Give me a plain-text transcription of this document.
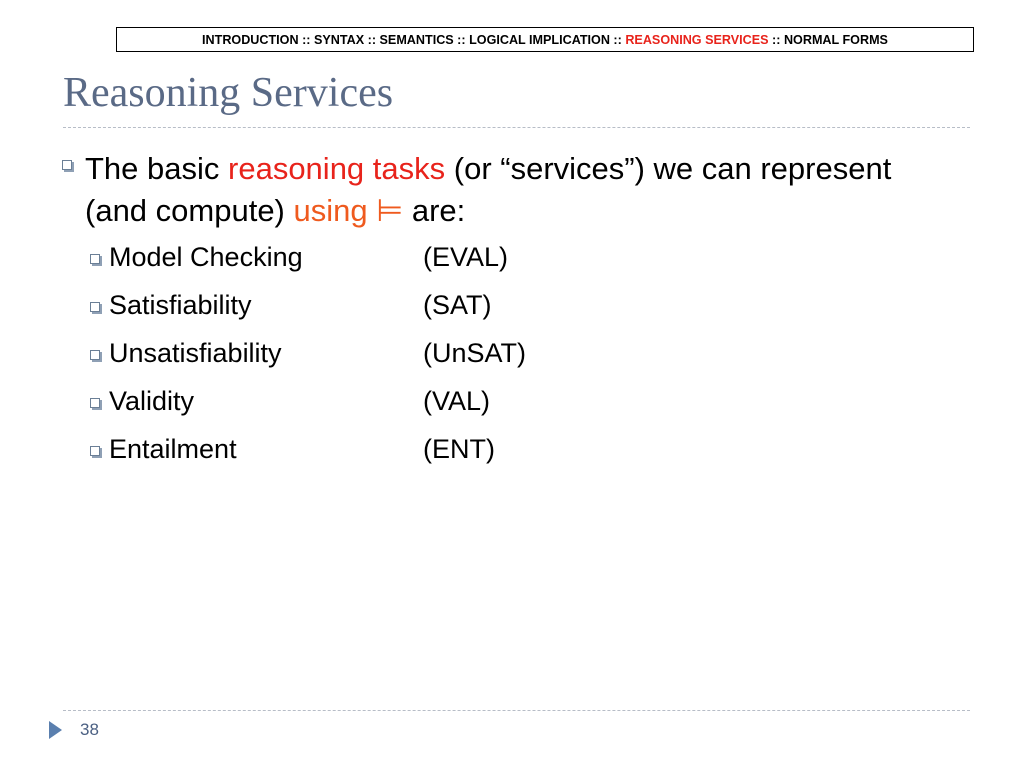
INTRODUCTION :: SYNTAX :: SEMANTICS :: LOGICAL IMPLICATION :: REASONING SERVICES :: NORMAL FORMS
Reasoning Services
The basic reasoning tasks (or “services”) we can represent (and compute) using ⊨ are:
Model Checking	(EVAL)
Satisfiability	(SAT)
Unsatisfiability	(UnSAT)
Validity	(VAL)
Entailment	(ENT)
38
